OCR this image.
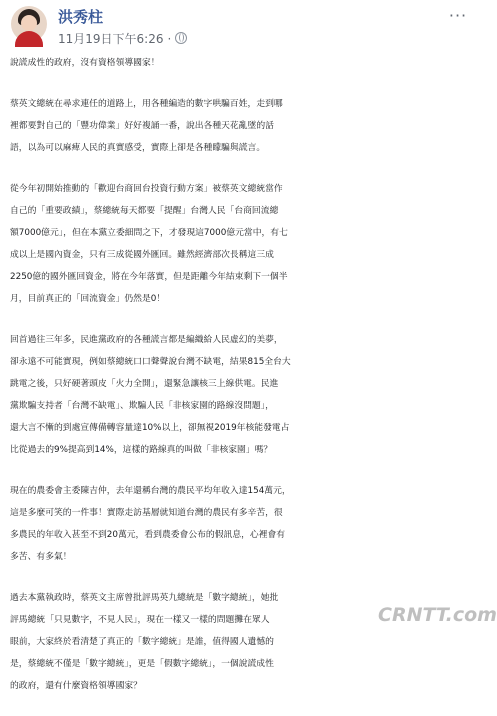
洪秀柱
11月19日下午6:26 ·
···
說謊成性的政府，沒有資格領導國家！
蔡英文總統在尋求連任的道路上，用各種編造的數字哄騙百姓，走到哪
裡都要對自己的「豐功偉業」好好複誦一番，說出各種天花亂墜的話
語，以為可以麻痺人民的真實感受，實際上卻是各種矇騙與謊言。
從今年初開始推動的「歡迎台商回台投資行動方案」被蔡英文總統當作
自己的「重要政績」，蔡總統每天都要「提醒」台灣人民「台商回流總
額7000億元」，但在本黨立委細問之下，才發現這7000億元當中，有七
成以上是國內資金，只有三成從國外匯回。雖然經濟部次長稱這三成
2250億的國外匯回資金，將在今年落實，但是距離今年結束剩下一個半
月，目前真正的「回流資金」仍然是0！
回首過往三年多，民進黨政府的各種謊言都是編織給人民虛幻的美夢，
卻永遠不可能實現，例如蔡總統口口聲聲說台灣不缺電，結果815全台大
跳電之後，只好硬著頭皮「火力全開」，還緊急讓核三上線供電。民進
黨欺騙支持者「台灣不缺電」、欺騙人民「非核家園的路線沒問題」，
還大言不慚的到處宣傳備轉容量達10%以上，卻無視2019年核能發電占
比從過去的9%提高到14%，這樣的路線真的叫做「非核家園」嗎？
現在的農委會主委陳吉仲，去年還稱台灣的農民平均年收入達154萬元，
這是多麼可笑的一件事！實際走訪基層就知道台灣的農民有多辛苦，很
多農民的年收入甚至不到20萬元，看到農委會公布的假訊息，心裡會有
多苦、有多氣！
過去本黨執政時，蔡英文主席曾批評馬英九總統是「數字總統」，她批
評馬總統「只見數字，不見人民」，現在一樣又一樣的問題攤在眾人
眼前，大家終於看清楚了真正的「數字總統」是誰，值得國人遺憾的
是，蔡總統不僅是「數字總統」，更是「假數字總統」，一個說謊成性
的政府，還有什麼資格領導國家？
CRNTT.com
